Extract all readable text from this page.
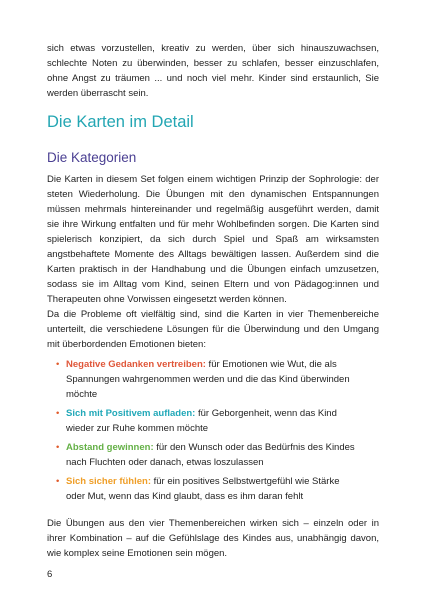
sich etwas vorzustellen, kreativ zu werden, über sich hinauszuwachsen, schlechte Noten zu überwinden, besser zu schlafen, besser einzuschlafen, ohne Angst zu träumen ... und noch viel mehr. Kinder sind erstaunlich, Sie werden überrascht sein.

Die Karten im Detail
Die Kategorien

Die Karten in diesem Set folgen einem wichtigen Prinzip der Sophrologie: der steten Wiederholung. Die Übungen mit den dynamischen Entspannungen müssen mehrmals hintereinander und regelmäßig ausgeführt werden, damit sie ihre Wirkung entfalten und für mehr Wohlbefinden sorgen. Die Karten sind spielerisch konzipiert, da sich durch Spiel und Spaß am wirksamsten angstbehaftete Momente des Alltags bewältigen lassen. Außerdem sind die Karten praktisch in der Handhabung und die Übungen einfach umzusetzen, sodass sie im Alltag vom Kind, seinen Eltern und von Pädagog:innen und Therapeuten ohne Vorwissen eingesetzt werden können.

Da die Probleme oft vielfältig sind, sind die Karten in vier Themenbereiche unterteilt, die verschiedene Lösungen für die Überwindung und den Umgang mit überbordenden Emotionen bieten:

• Negative Gedanken vertreiben: für Emotionen wie Wut, die als Spannungen wahrgenommen werden und die das Kind überwinden möchte
• Sich mit Positivem aufladen: für Geborgenheit, wenn das Kind wieder zur Ruhe kommen möchte
• Abstand gewinnen: für den Wunsch oder das Bedürfnis des Kindes nach Fluchten oder danach, etwas loszulassen
• Sich sicher fühlen: für ein positives Selbstwertgefühl wie Stärke oder Mut, wenn das Kind glaubt, dass es ihm daran fehlt

Die Übungen aus den vier Themenbereichen wirken sich – einzeln oder in ihrer Kombination – auf die Gefühlslage des Kindes aus, unabhängig davon, wie komplex seine Emotionen sein mögen.

6
